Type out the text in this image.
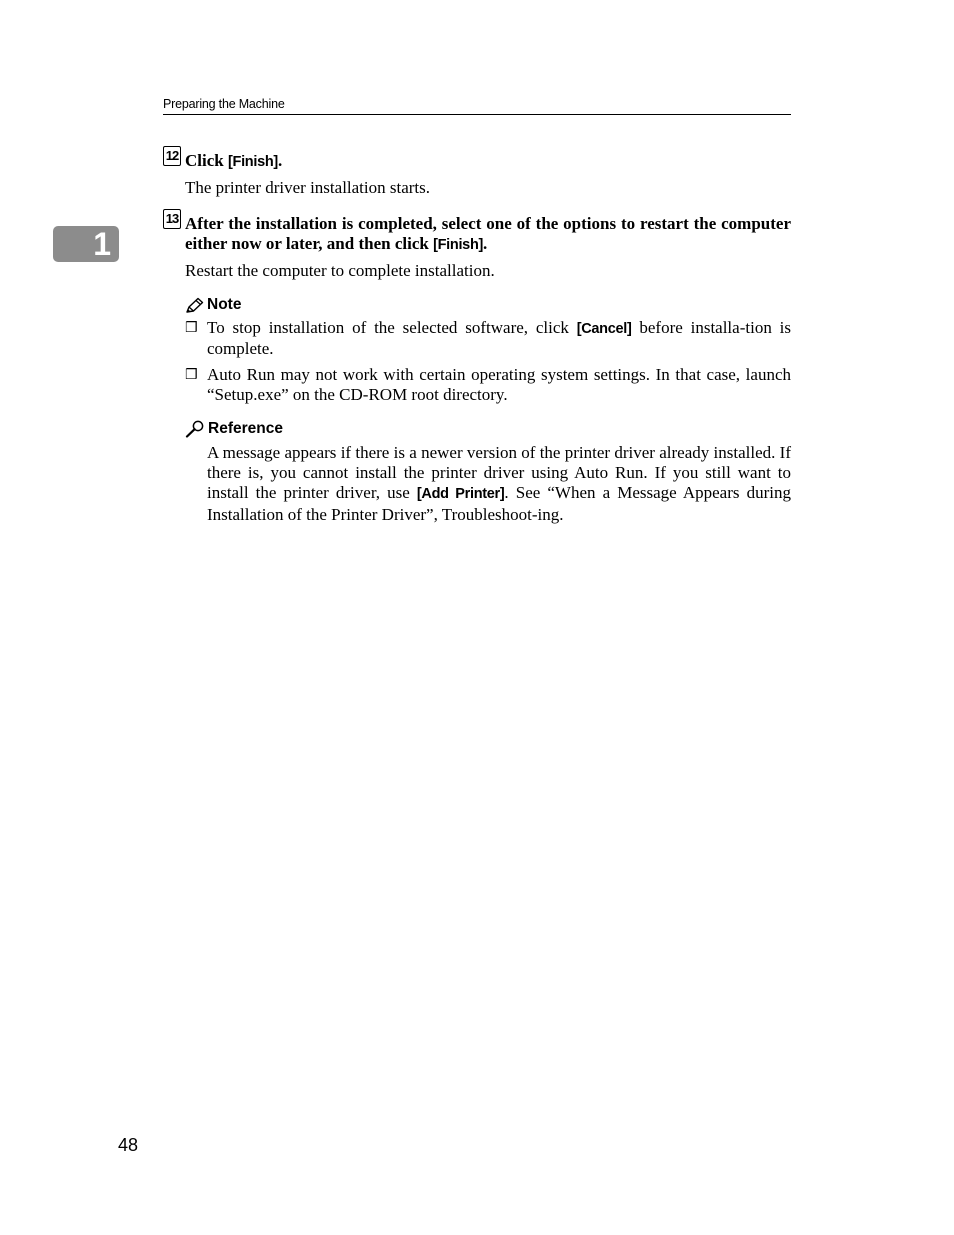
Preparing the Machine
1
12 Click [Finish].
The printer driver installation starts.
13 After the installation is completed, select one of the options to restart the computer either now or later, and then click [Finish].
Restart the computer to complete installation.
Note
❒ To stop installation of the selected software, click [Cancel] before installa-tion is complete.
❒ Auto Run may not work with certain operating system settings. In that case, launch “Setup.exe” on the CD-ROM root directory.
Reference
A message appears if there is a newer version of the printer driver already installed. If there is, you cannot install the printer driver using Auto Run. If you still want to install the printer driver, use [Add Printer]. See “When a Message Appears during Installation of the Printer Driver”, Troubleshoot-ing.
48
